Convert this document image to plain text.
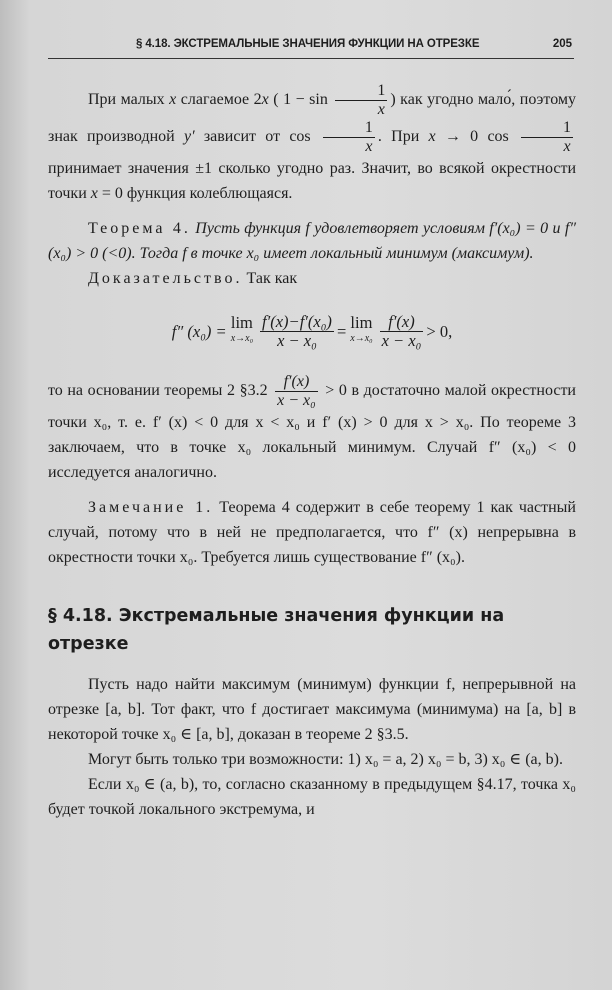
§ 4.18. ЭКСТРЕМАЛЬНЫЕ ЗНАЧЕНИЯ ФУНКЦИИ НА ОТРЕЗКЕ	205

При малых x слагаемое 2x ( $1 - \sin \frac{1}{x}$ ) как угодно мало́, поэтому знак производной y′ зависит от $\cos \frac{1}{x}$ . При x → 0 $\cos \frac{1}{x}$
принимает значения ±1 сколько угодно раз. Значит, во всякой окрестности точки x = 0 функция колеблющаяся.

Теорема 4. Пусть функция f удовлетворяет условиям f′(x₀) = 0 и f″ (x₀) > 0 (<0). Тогда f в точке x₀ имеет локальный минимум (максимум).

Доказательство. Так как

f″ (x₀) = lim
$x\to x_0 \frac{\text{f′(x)−f′(x₀)}}{\text{x − x₀}} = \lim$
$x\to x_0 \frac{f'(x)}{\text{x − x₀}} > 0$,

то на основании теоремы 2 §3.2 $\frac{f'(x)}{\text{x − x₀}} > 0$ в достаточно малой окрестности точки x₀, т. е. f′ (x) < 0 для x < x₀ и f′ (x) > 0 для x > x₀. По теореме 3 заключаем, что в точке x₀ локальный минимум. Случай f″ (x₀) < 0 исследуется аналогично.

Замечание 1. Теорема 4 содержит в себе теорему 1 как частный случай, потому что в ней не предполагается, что f″ (x) непрерывна в окрестности точки x₀. Требуется лишь существование f″ (x₀).

§ 4.18. Экстремальные значения функции на отрезке

Пусть надо найти максимум (минимум) функции f, непрерывной на отрезке [a, b]. Тот факт, что f достигает максимума (минимума) на [a, b] в некоторой точке x₀ ∈ [a, b], доказан в теореме 2 §3.5.

Могут быть только три возможности: 1) x₀ = a, 2) x₀ = b, 3) x₀ ∈ (a, b).

Если x₀ ∈ (a, b), то, согласно сказанному в предыдущем §4.17, точка x₀ будет точкой локального экстремума, и
